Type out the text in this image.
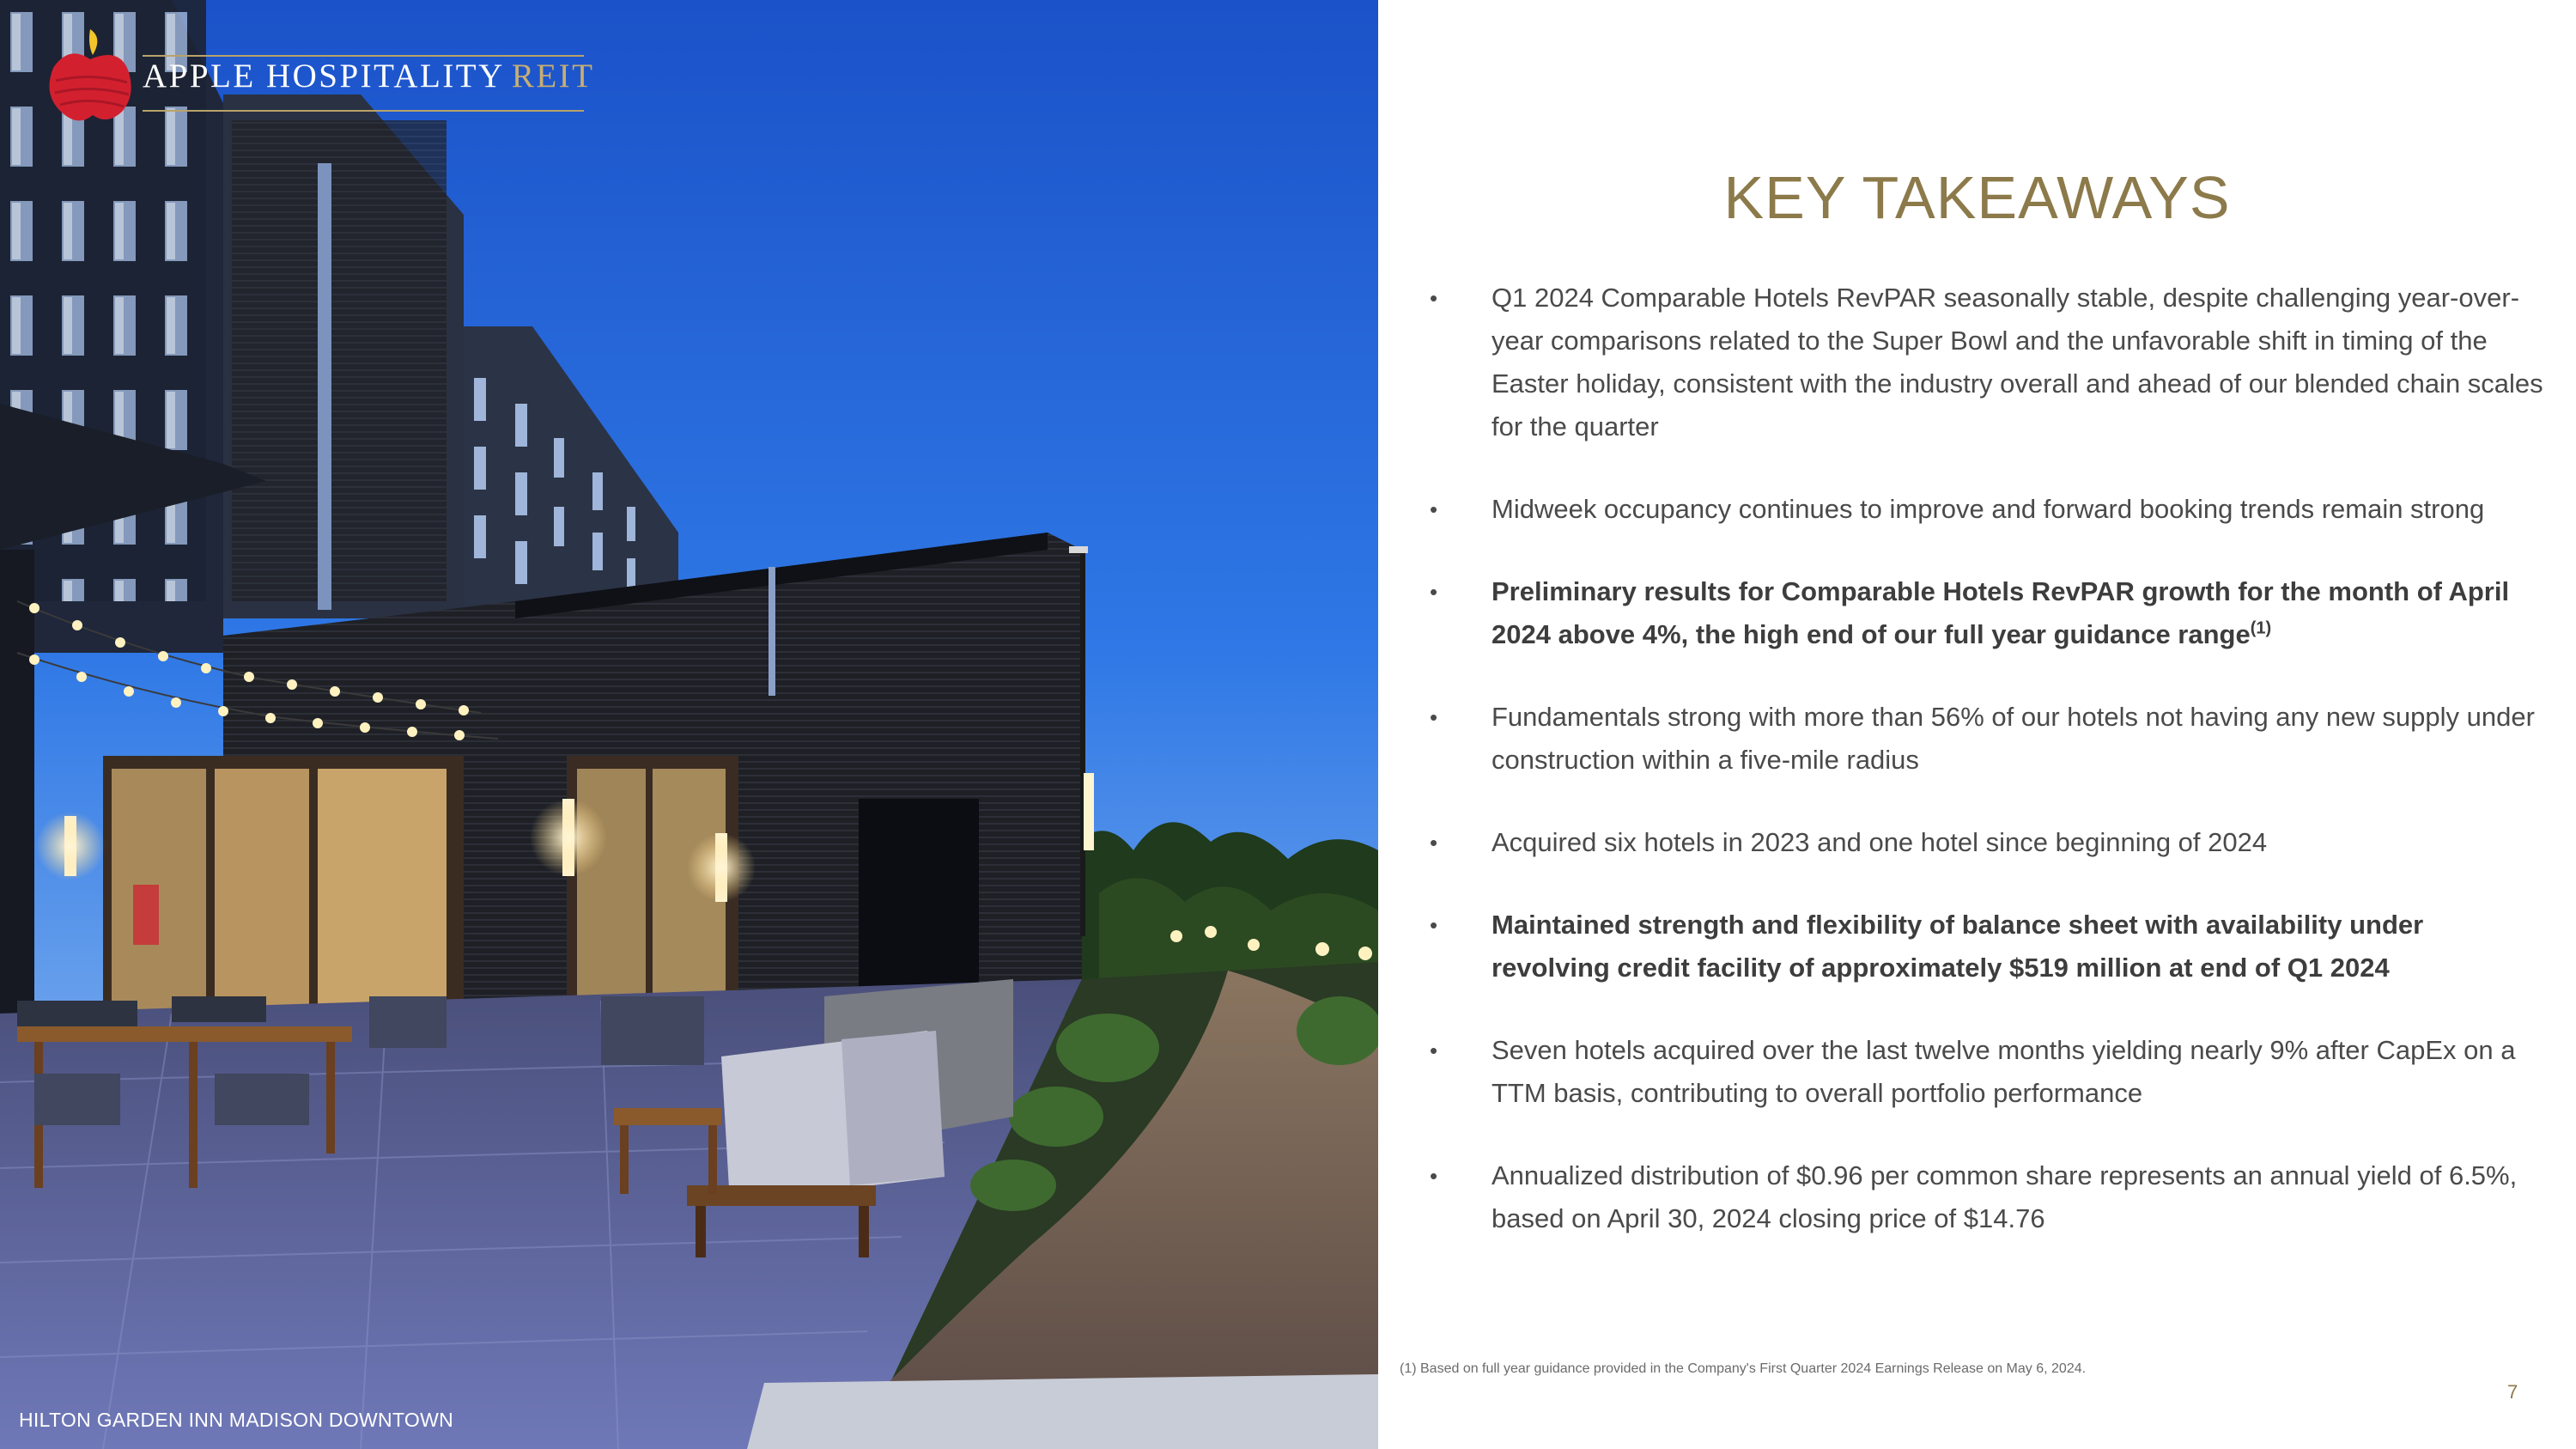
APPLE HOSPITALITY REIT
HILTON GARDEN INN MADISON DOWNTOWN
KEY TAKEAWAYS
•	Q1 2024 Comparable Hotels RevPAR seasonally stable, despite challenging year-over-year comparisons related to the Super Bowl and the unfavorable shift in timing of the Easter holiday, consistent with the industry overall and ahead of our blended chain scales for the quarter
•	Midweek occupancy continues to improve and forward booking trends remain strong
•	Preliminary results for Comparable Hotels RevPAR growth for the month of April 2024 above 4%, the high end of our full year guidance range$^{(1)}$
•	Fundamentals strong with more than 56% of our hotels not having any new supply under construction within a five-mile radius
•	Acquired six hotels in 2023 and one hotel since beginning of 2024
•	Maintained strength and flexibility of balance sheet with availability under revolving credit facility of approximately $519 million at end of Q1 2024
•	Seven hotels acquired over the last twelve months yielding nearly 9% after CapEx on a TTM basis, contributing to overall portfolio performance
•	Annualized distribution of $0.96 per common share represents an annual yield of 6.5%, based on April 30, 2024 closing price of $14.76
(1) Based on full year guidance provided in the Company's First Quarter 2024 Earnings Release on May 6, 2024.
7
